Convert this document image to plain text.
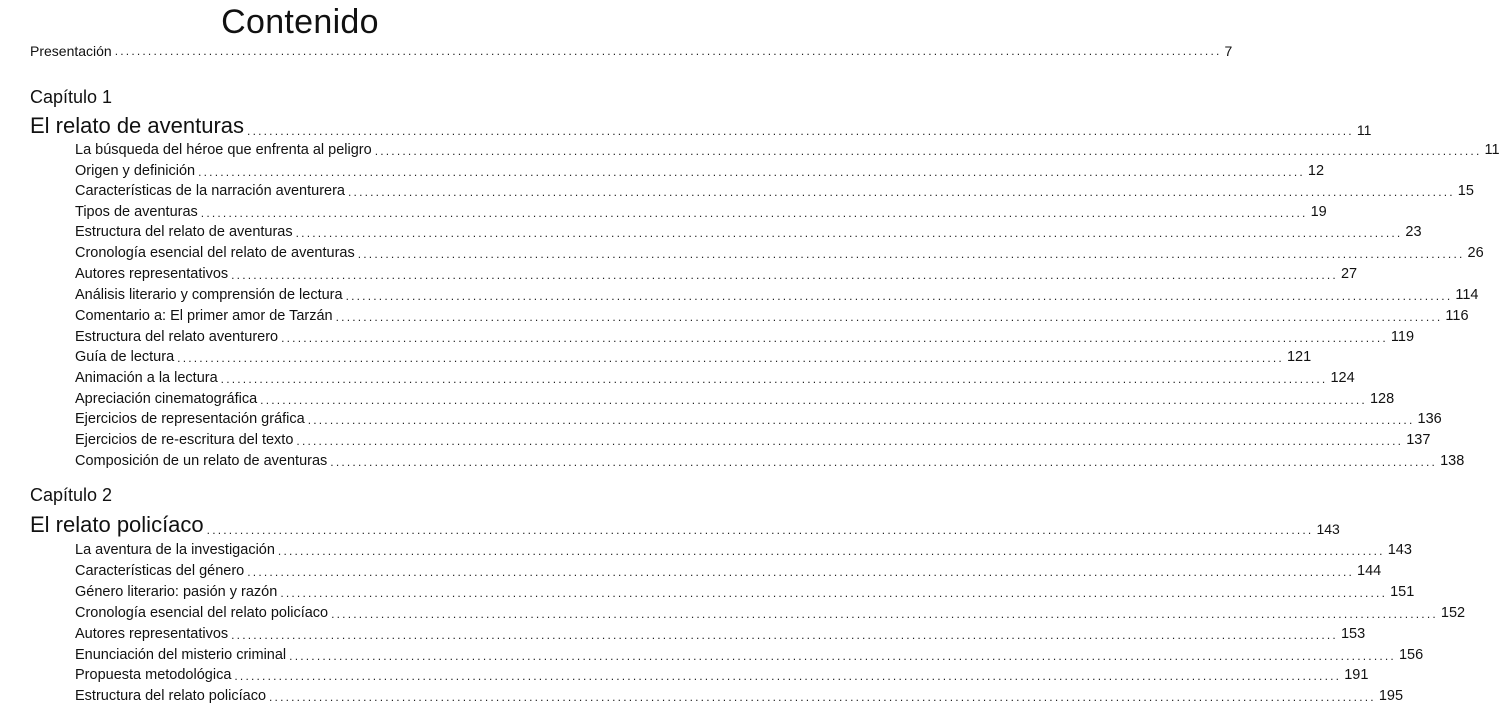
Contenido
Presentación ........................................................................................................................................................................................................ 7
Capítulo 1
El relato de aventuras ........................................................................................................................................................................................................ 11
La búsqueda del héroe que enfrenta al peligro ........................................................................................................................................................................................................ 11
Origen y definición ........................................................................................................................................................................................................ 12
Características de la narración aventurera ........................................................................................................................................................................................................ 15
Tipos de aventuras ........................................................................................................................................................................................................ 19
Estructura del relato de aventuras ........................................................................................................................................................................................................ 23
Cronología esencial del relato de aventuras ........................................................................................................................................................................................................ 26
Autores representativos ........................................................................................................................................................................................................ 27
Análisis literario y comprensión de lectura ........................................................................................................................................................................................................ 114
Comentario a: El primer amor de Tarzán ........................................................................................................................................................................................................ 116
Estructura del relato aventurero ........................................................................................................................................................................................................ 119
Guía de lectura ........................................................................................................................................................................................................ 121
Animación a la lectura ........................................................................................................................................................................................................ 124
Apreciación cinematográfica ........................................................................................................................................................................................................ 128
Ejercicios de representación gráfica ........................................................................................................................................................................................................ 136
Ejercicios de re-escritura del texto ........................................................................................................................................................................................................ 137
Composición de un relato de aventuras ........................................................................................................................................................................................................ 138
Capítulo 2
El relato policíaco ........................................................................................................................................................................................................ 143
La aventura de la investigación ........................................................................................................................................................................................................ 143
Características del género ........................................................................................................................................................................................................ 144
Género literario: pasión y razón ........................................................................................................................................................................................................ 151
Cronología esencial del relato policíaco ........................................................................................................................................................................................................ 152
Autores representativos ........................................................................................................................................................................................................ 153
Enunciación del misterio criminal ........................................................................................................................................................................................................ 156
Propuesta metodológica ........................................................................................................................................................................................................ 191
Estructura del relato policíaco ........................................................................................................................................................................................................ 195
